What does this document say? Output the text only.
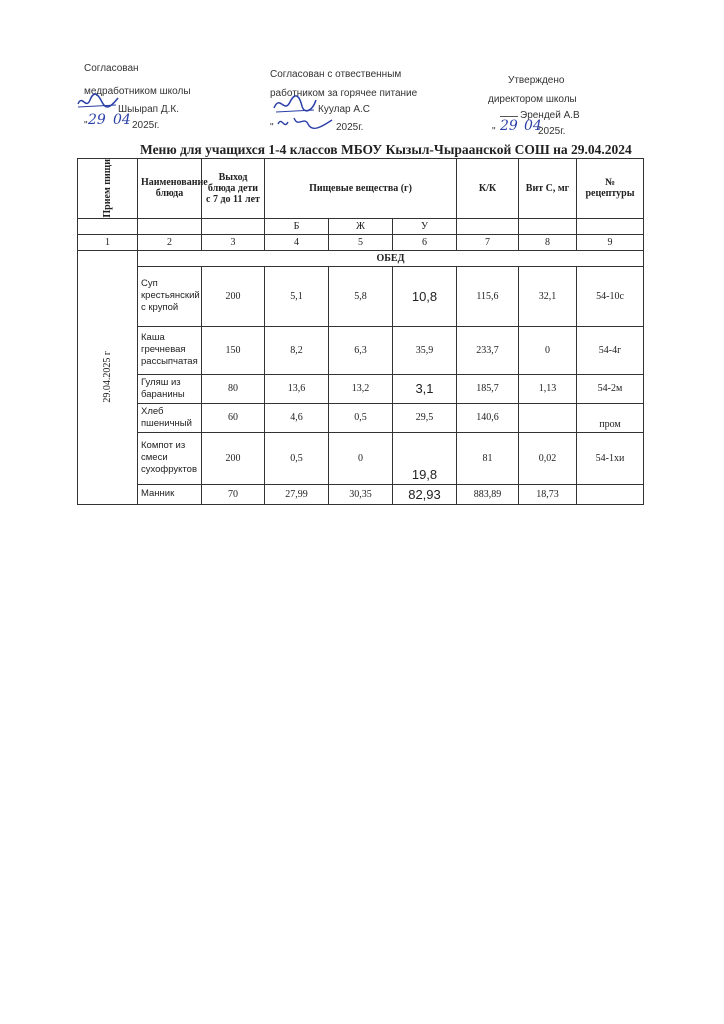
Согласован
медработником школы
Шыырап Д.К.
" 29 04 2025г.
Согласован с отвественным
работником за горячее питание
Куулар А.С
"	2025г.
Утверждено
директором школы
Эрендей А.В
" 29 04
2025г.
Меню для учащихся 1-4 классов МБОУ Кызыл-Чыраанской СОШ на 29.04.2024
Прием пищи	Наименование блюда	Выход блюда дети с 7 до 11 лет	Пищевые вещества (г)			К/К	Вит С, мг	№ рецептуры
			Б	Ж	У			
1	2	3	4	5	6	7	8	9

29.04.2025 г	ОБЕД							
	Суп крестьянский с крупой	200	5,1	5,8	10,8	115,6	32,1	54-10с
	Каша гречневая рассыпчатая	150	8,2	6,3	35,9	233,7	0	54-4г
	Гуляш из баранины	80	13,6	13,2	3,1	185,7	1,13	54-2м
	Хлеб пшеничный	60	4,6	0,5	29,5	140,6		пром
	Компот из смеси сухофруктов	200	0,5	0	19,8	81	0,02	54-1хи
	Манник	70	27,99	30,35	82,93	883,89	18,73	
